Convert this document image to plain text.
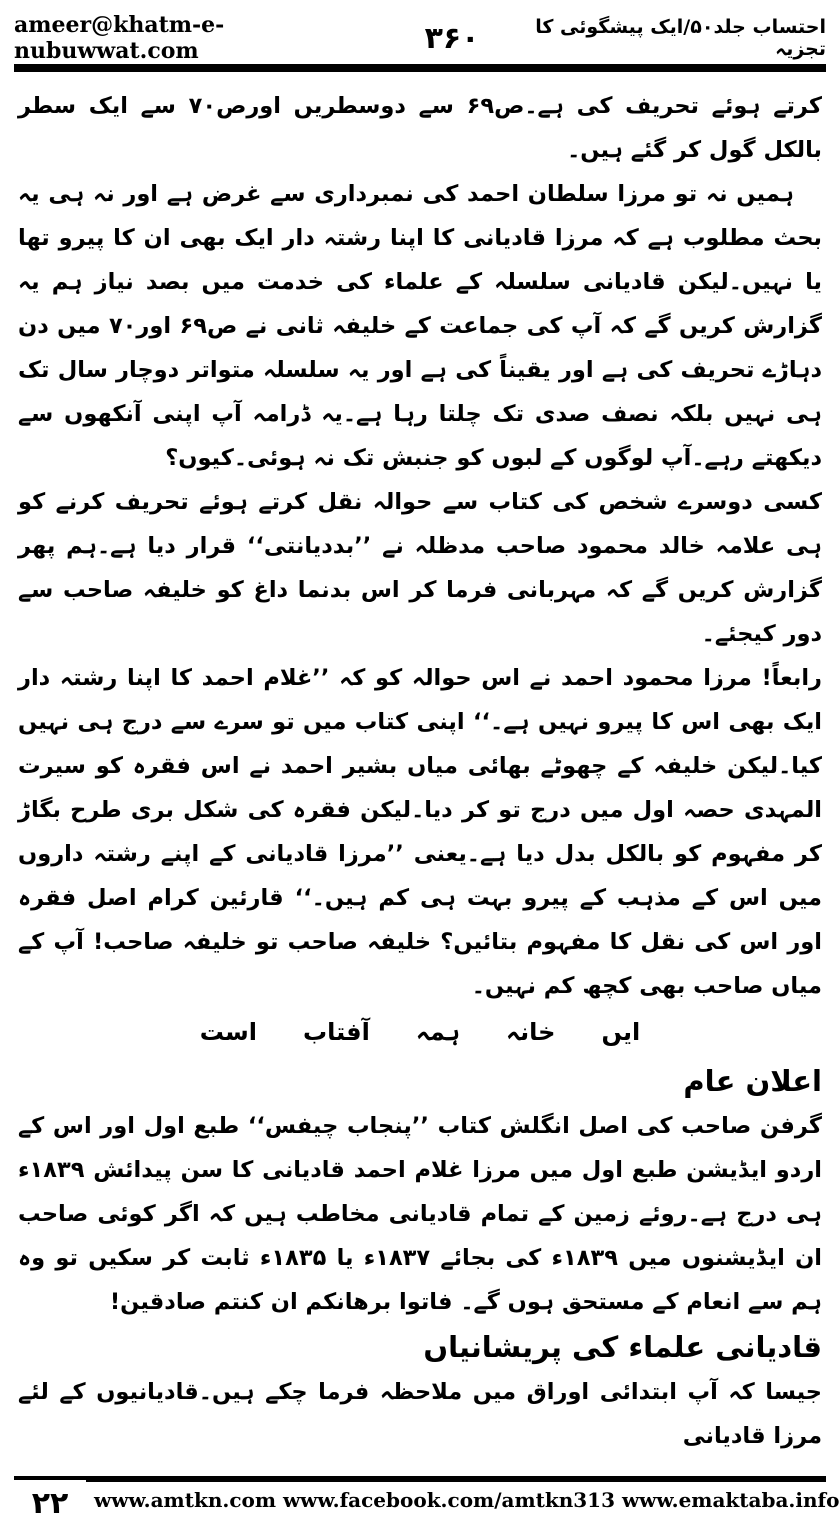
ameer@khatm-e-nubuwwat.com	۳۶۰	احتساب جلد۵۰/ایک پیشگوئی کا تجزیہ

کرتے ہوئے تحریف کی ہے۔ص۶۹ سے دوسطریں اورص۷۰ سے ایک سطر بالکل گول کر گئے ہیں۔

ہمیں نہ تو مرزا سلطان احمد کی نمبرداری سے غرض ہے اور نہ ہی یہ بحث مطلوب ہے کہ مرزا قادیانی کا اپنا رشتہ دار ایک بھی ان کا پیرو تھا یا نہیں۔لیکن قادیانی سلسلہ کے علماء کی خدمت میں بصد نیاز ہم یہ گزارش کریں گے کہ آپ کی جماعت کے خلیفہ ثانی نے ص۶۹ اور۷۰ میں دن دہاڑے تحریف کی ہے اور یقیناً کی ہے اور یہ سلسلہ متواتر دوچار سال تک ہی نہیں بلکہ نصف صدی تک چلتا رہا ہے۔یہ ڈرامہ آپ اپنی آنکھوں سے دیکھتے رہے۔آپ لوگوں کے لبوں کو جنبش تک نہ ہوئی۔کیوں؟

کسی دوسرے شخص کی کتاب سے حوالہ نقل کرتے ہوئے تحریف کرنے کو ہی علامہ خالد محمود صاحب مدظلہ نے ’’بددیانتی‘‘ قرار دیا ہے۔ہم پھر گزارش کریں گے کہ مہربانی فرما کر اس بدنما داغ کو خلیفہ صاحب سے دور کیجئے۔

رابعاً! مرزا محمود احمد نے اس حوالہ کو کہ ’’غلام احمد کا اپنا رشتہ دار ایک بھی اس کا پیرو نہیں ہے۔‘‘ اپنی کتاب میں تو سرے سے درج ہی نہیں کیا۔لیکن خلیفہ کے چھوٹے بھائی میاں بشیر احمد نے اس فقرہ کو سیرت المہدی حصہ اول میں درج تو کر دیا۔لیکن فقرہ کی شکل بری طرح بگاڑ کر مفہوم کو بالکل بدل دیا ہے۔یعنی ’’مرزا قادیانی کے اپنے رشتہ داروں میں اس کے مذہب کے پیرو بہت ہی کم ہیں۔‘‘ قارئین کرام اصل فقرہ اور اس کی نقل کا مفہوم بتائیں؟ خلیفہ صاحب تو خلیفہ صاحب! آپ کے میاں صاحب بھی کچھ کم نہیں۔

ایں
خانہ
ہمہ
آفتاب
است

اعلان عام

گرفن صاحب کی اصل انگلش کتاب ’’پنجاب چیفس‘‘ طبع اول اور اس کے اردو ایڈیشن طبع اول میں مرزا غلام احمد قادیانی کا سن پیدائش ۱۸۳۹ء ہی درج ہے۔روئے زمین کے تمام قادیانی مخاطب ہیں کہ اگر کوئی صاحب ان ایڈیشنوں میں ۱۸۳۹ء کی بجائے ۱۸۳۷ء یا ۱۸۳۵ء ثابت کر سکیں تو وہ ہم سے انعام کے مستحق ہوں گے۔ فاتوا برھانکم ان کنتم صادقین!

قادیانی علماء کی پریشانیاں

جیسا کہ آپ ابتدائی اوراق میں ملاحظہ فرما چکے ہیں۔قادیانیوں کے لئے مرزا قادیانی

۲۲	www.amtkn.com www.facebook.com/amtkn313 www.emaktaba.info
